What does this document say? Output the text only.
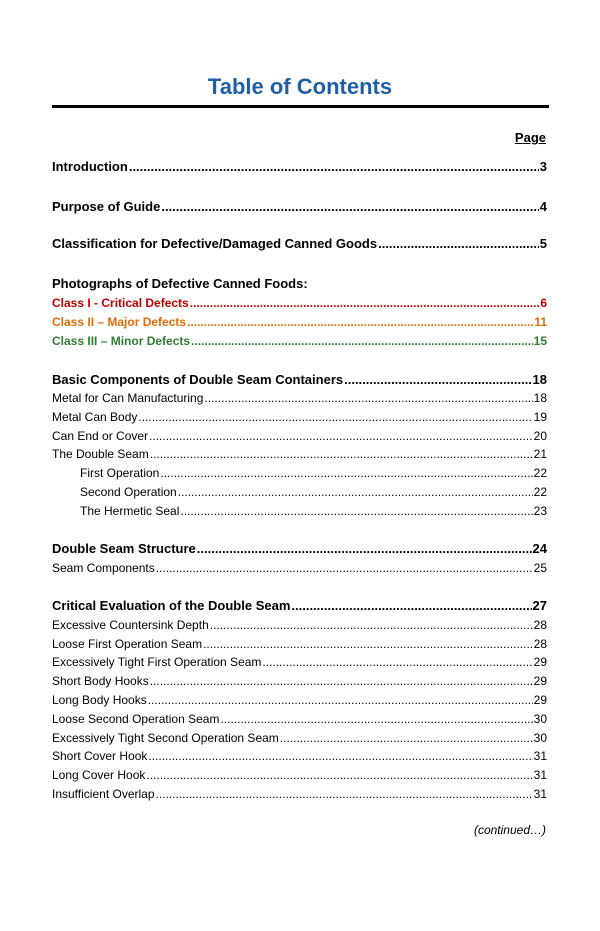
Table of Contents
Page
Introduction .....	3
Purpose of Guide .....	4
Classification for Defective/Damaged Canned Goods .....	5
Photographs of Defective Canned Foods:
Class I - Critical Defects .....	6
Class II – Major Defects .....	11
Class III – Minor Defects .....	15
Basic Components of Double Seam Containers .....	18
Metal for Can Manufacturing .....	18
Metal Can Body .....	19
Can End or Cover .....	20
The Double Seam .....	21
First Operation .....	22
Second Operation .....	22
The Hermetic Seal .....	23
Double Seam Structure .....	24
Seam Components .....	25
Critical Evaluation of the Double Seam .....	27
Excessive Countersink Depth .....	28
Loose First Operation Seam .....	28
Excessively Tight First Operation Seam .....	29
Short Body Hooks .....	29
Long Body Hooks .....	29
Loose Second Operation Seam .....	30
Excessively Tight Second Operation Seam .....	30
Short Cover Hook .....	31
Long Cover Hook .....	31
Insufficient Overlap .....	31
(continued…)
